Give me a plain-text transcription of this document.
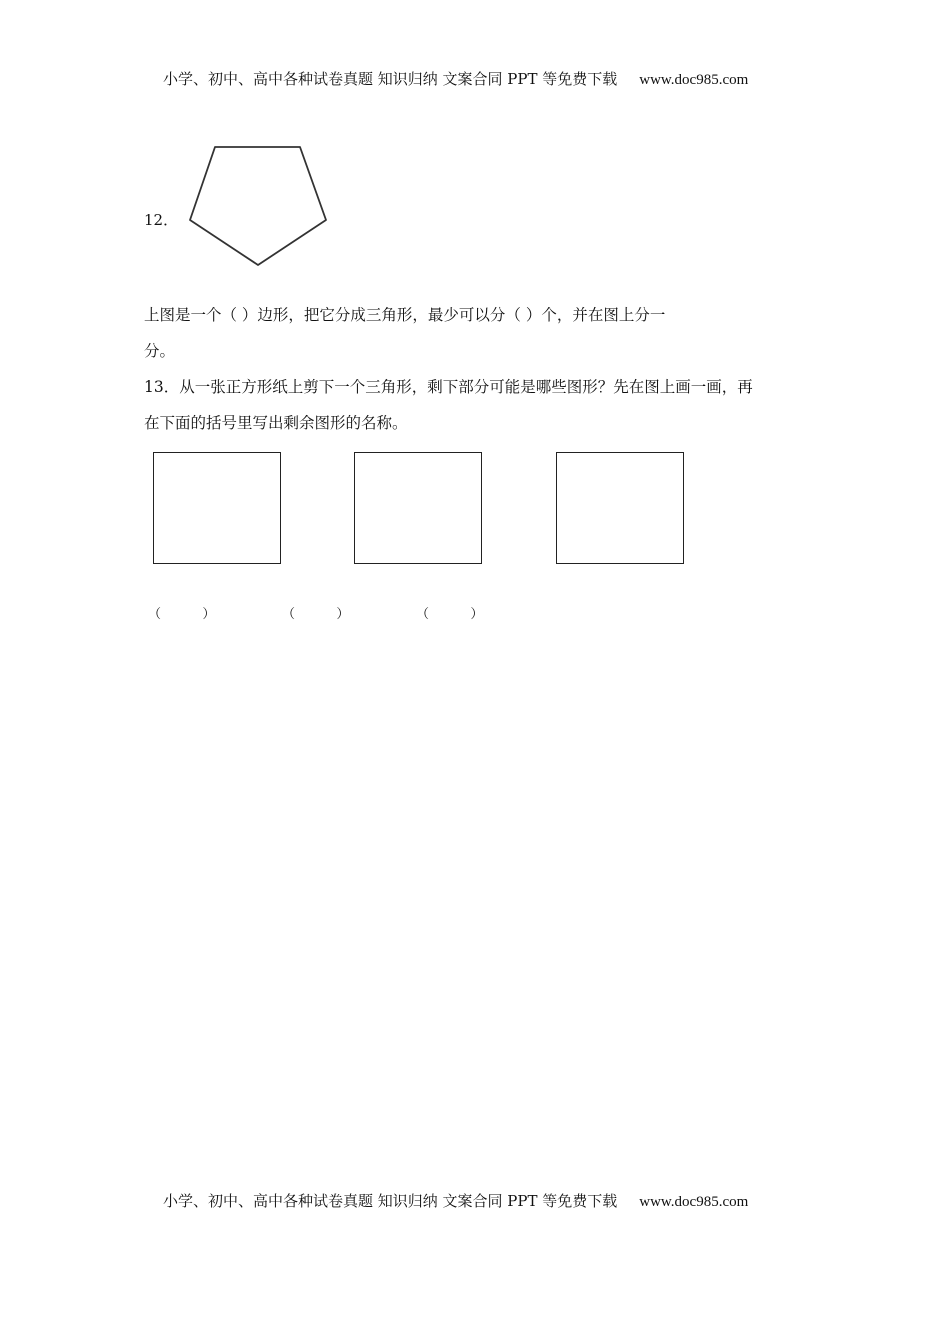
小学、初中、高中各种试卷真题 知识归纳 文案合同 PPT 等免费下载 www.doc985.com
12．
上图是一个（ ）边形，把它分成三角形，最少可以分（ ）个，并在图上分一
分。
13．从一张正方形纸上剪下一个三角形，剩下部分可能是哪些图形？先在图上画一画，再
在下面的括号里写出剩余图形的名称。
（          ）	（          ）	（          ）
小学、初中、高中各种试卷真题 知识归纳 文案合同 PPT 等免费下载 www.doc985.com
